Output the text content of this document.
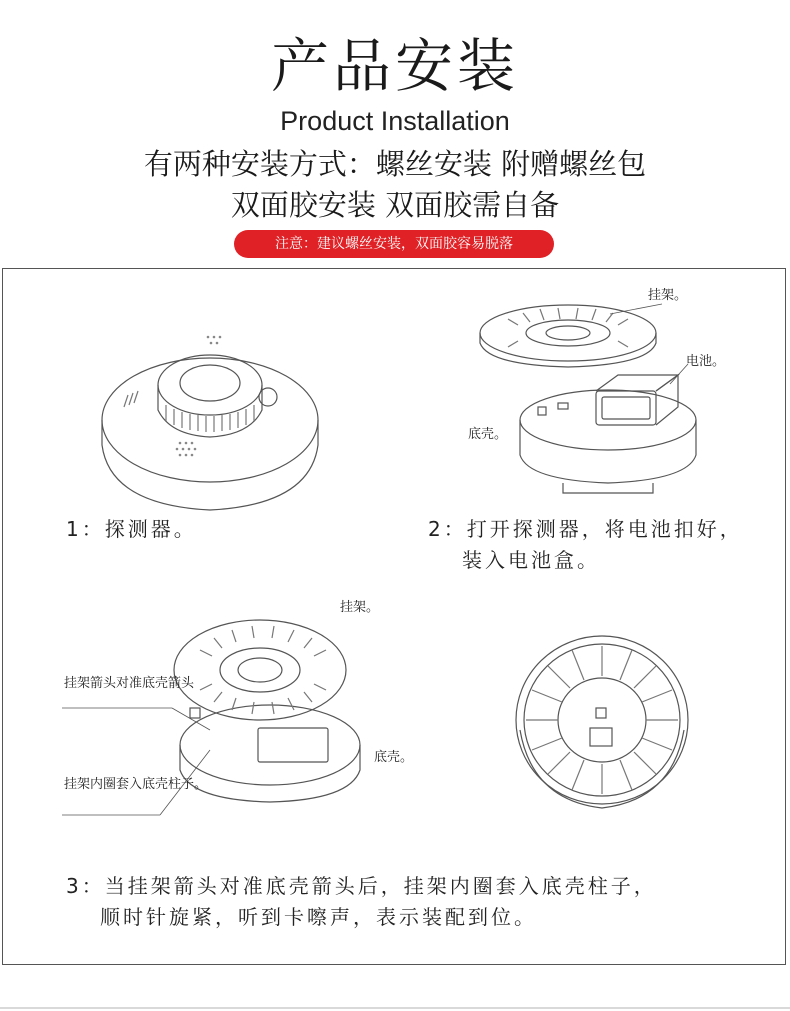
产品安装
Product Installation
有两种安装方式：螺丝安装 附赠螺丝包
双面胶安装 双面胶需自备
注意：建议螺丝安装，双面胶容易脱落
1：探测器。
挂架。
电池。
底壳。
2：打开探测器，将电池扣好，
装入电池盒。
挂架。
挂架箭头对准底壳箭头
挂架内圈套入底壳柱子。
底壳。
3：当挂架箭头对准底壳箭头后，挂架内圈套入底壳柱子，
顺时针旋紧，听到卡嚓声，表示装配到位。
